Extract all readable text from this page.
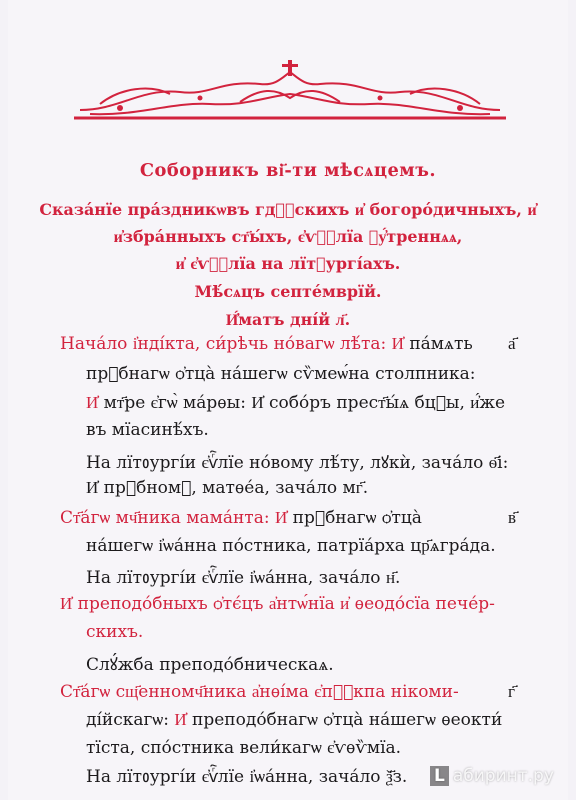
Соборникъ ві҃-ти мѣсѧцемъ.
Сказа́нїе пра́здникѡвъ гдⷭ҇скихъ и҆ богоро́дичныхъ, и҆
и҆збра́нныхъ ст҃ы́хъ, є҆ѵⷢ҇лїа ᲂу҆́треннѧѧ,
и҆ є҆ѵⷢ҇лїа на лїтᲂургі́ахъ.
Мѣ́сѧцъ септе́мврїй.
И҆́матъ дні́й л҃.
Нача́ло і҆нді́кта, си́рѣчь но́вагѡ лѣ́та: И҆ па́мѧть а҃
прⷣбнагѡ ѻ҆тца̀ на́шегѡ сѷмеѡ́на столпника:
И҆ мт҃ре є҆гѡ̀ ма́рѳы: И҆ собо́ръ прест҃ы́ѧ бцⷣы, и҆́же
въ мїасинѣ́хъ.
На лїтᲂургі́и є҆ѵⷢ҇лїе но́вому лѣ́ту, лꙋкѝ, зача́ло ѳ҃і:
И҆ прⷣбномꙋ, матѳе́а, зача́ло мг҃.
Ст҃а́гѡ мч҃ника мама́нта: И҆ прⷣбнагѡ ѻ҆тца̀	в҃
на́шегѡ і҆ѡа́нна по́стника, патрїа́рха цр҃ѧгра́да.
На лїтᲂургі́и є҆ѵⷢ҇лїе і҆ѡа́нна, зача́ло н҃.
И҆ преподо́бныхъ ѻ҆тє́цъ а҆нтѡ́нїа и҆ ѳеодо́сїа пече́р-
скихъ.
Слꙋ́жба преподо́бническаѧ.
Ст҃а́гѡ сщ҃енномч҃ника а҆нѳі́ма є҆пⷭ҇кпа нікоми-	г҃
ді́йскагѡ: И҆ преподо́бнагѡ ѻ҆тца̀ на́шегѡ ѳеокти́
тїста, спо́стника вели́кагѡ є҆ѵѳѷмїа.
На лїтᲂургі́и є҆ѵⷢ҇лїе і҆ѡа́нна, зача́ло ѯ҃з. L абиринт.ру
